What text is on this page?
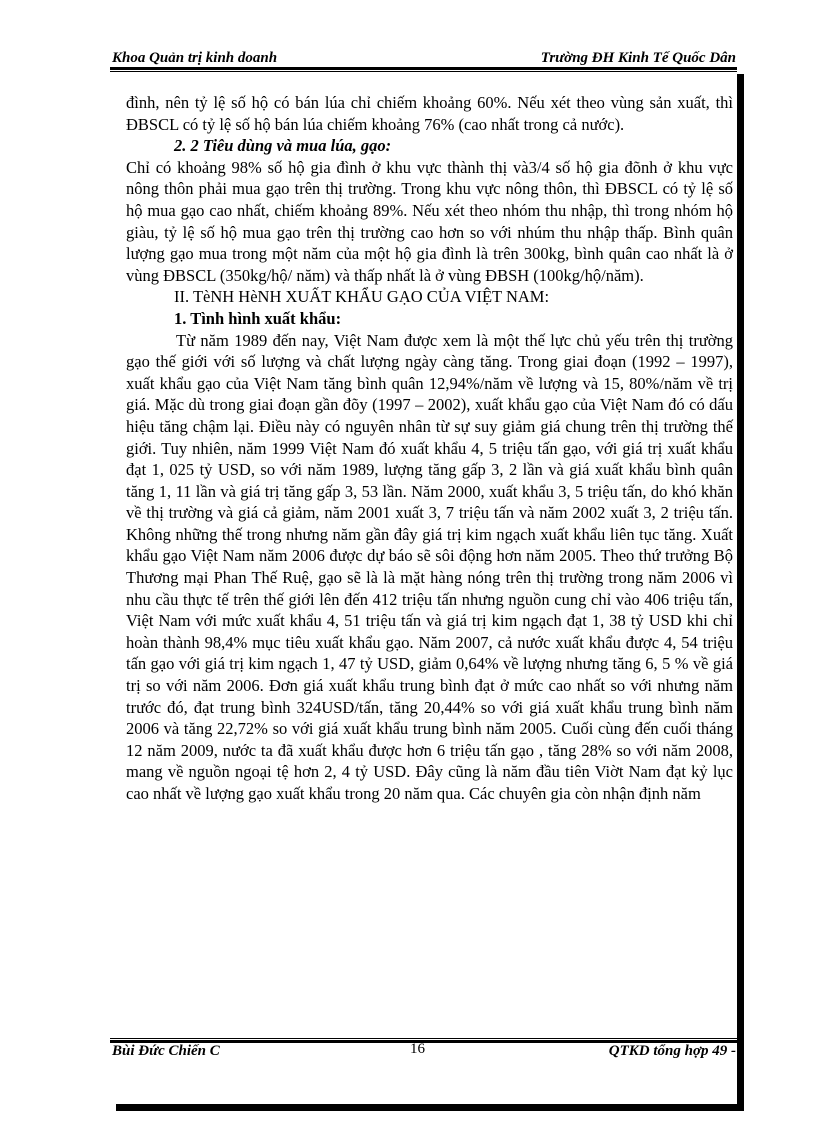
Khoa Quản trị kinh doanh	Trường ĐH Kinh Tế Quốc Dân

đình, nên tỷ lệ số hộ có bán lúa chỉ chiếm khoảng 60%. Nếu xét theo vùng sản xuất, thì ĐBSCL có tỷ lệ số hộ bán lúa chiếm khoảng 76% (cao nhất trong cả nước).

2. 2 Tiêu dùng và mua lúa, gạo:

Chỉ có khoảng 98% số hộ gia đình ở khu vực thành thị và3/4 số hộ gia đõnh ở khu vực nông thôn phải mua gạo trên thị trường. Trong khu vực nông thôn, thì ĐBSCL có tỷ lệ số hộ mua gạo cao nhất, chiếm khoảng 89%. Nếu xét theo nhóm thu nhập, thì trong nhóm hộ giàu, tỷ lệ số hộ mua gạo trên thị trường cao hơn so với nhúm thu nhập thấp. Bình quân lượng gạo mua trong một năm của một hộ gia đình là trên 300kg, bình quân cao nhất là ở vùng ĐBSCL (350kg/hộ/ năm) và thấp nhất là ở vùng ĐBSH (100kg/hộ/năm).

II. TèNH HèNH XUẤT KHẨU GẠO CỦA VIỆT NAM:

1. Tình hình xuất khẩu:

Từ năm 1989 đến nay, Việt Nam được xem là một thế lực chủ yếu trên thị trường gạo thế giới với số lượng và chất lượng ngày càng tăng. Trong giai đoạn (1992 – 1997), xuất khẩu gạo của Việt Nam tăng bình quân 12,94%/năm về lượng và 15, 80%/năm về trị giá. Mặc dù trong giai đoạn gần đõy (1997 – 2002), xuất khẩu gạo của Việt Nam đó có dấu hiệu tăng chậm lại. Điều này có nguyên nhân từ sự suy giảm giá chung trên thị trường thế giới. Tuy nhiên, năm 1999 Việt Nam đó xuất khẩu 4, 5 triệu tấn gạo, với giá trị xuất khẩu đạt 1, 025 tỷ USD, so với năm 1989, lượng tăng gấp 3, 2 lần và giá xuất khẩu bình quân tăng 1, 11 lần và giá trị tăng gấp 3, 53 lần. Năm 2000, xuất khẩu 3, 5 triệu tấn, do khó khăn về thị trường và giá cả giảm, năm 2001 xuất 3, 7 triệu tấn và năm 2002 xuất 3, 2 triệu tấn. Không những thế trong nhưng năm gần đây giá trị kim ngạch xuất khẩu liên tục tăng. Xuất khẩu gạo Việt Nam năm 2006 được dự báo sẽ sôi động hơn năm 2005. Theo thứ trưởng Bộ Thương mại Phan Thế Ruệ, gạo sẽ là là mặt hàng nóng trên thị trường trong năm 2006 vì nhu cầu thực tế trên thế giới lên đến 412 triệu tấn nhưng nguồn cung chỉ vào 406 triệu tấn, Việt Nam với mức xuất khẩu 4, 51 triệu tấn và giá trị kim ngạch đạt 1, 38 tỷ USD khi chỉ hoàn thành 98,4% mục tiêu xuất khẩu gạo. Năm 2007, cả nước xuất khẩu được 4, 54 triệu tấn gạo với giá trị kim ngạch 1, 47 tỷ USD, giảm 0,64% về lượng nhưng tăng 6, 5 % về giá trị so với năm 2006. Đơn giá xuất khẩu trung bình đạt ở mức cao nhất so với nhưng năm trước đó, đạt trung bình 324USD/tấn, tăng 20,44% so với giá xuất khẩu trung bình năm 2006 và tăng 22,72% so với giá xuất khẩu trung bình năm 2005. Cuối cùng đến cuối tháng 12 năm 2009, nước ta đã xuất khẩu được hơn 6 triệu tấn gạo , tăng 28% so với năm 2008, mang về nguồn ngoại tệ hơn 2, 4 tỷ USD. Đây cũng là năm đầu tiên Viờt Nam đạt kỷ lục cao nhất về lượng gạo xuất khẩu trong 20 năm qua. Các chuyên gia còn nhận định năm

Bùi Đức Chiến C	16	QTKD tổng hợp 49 -
